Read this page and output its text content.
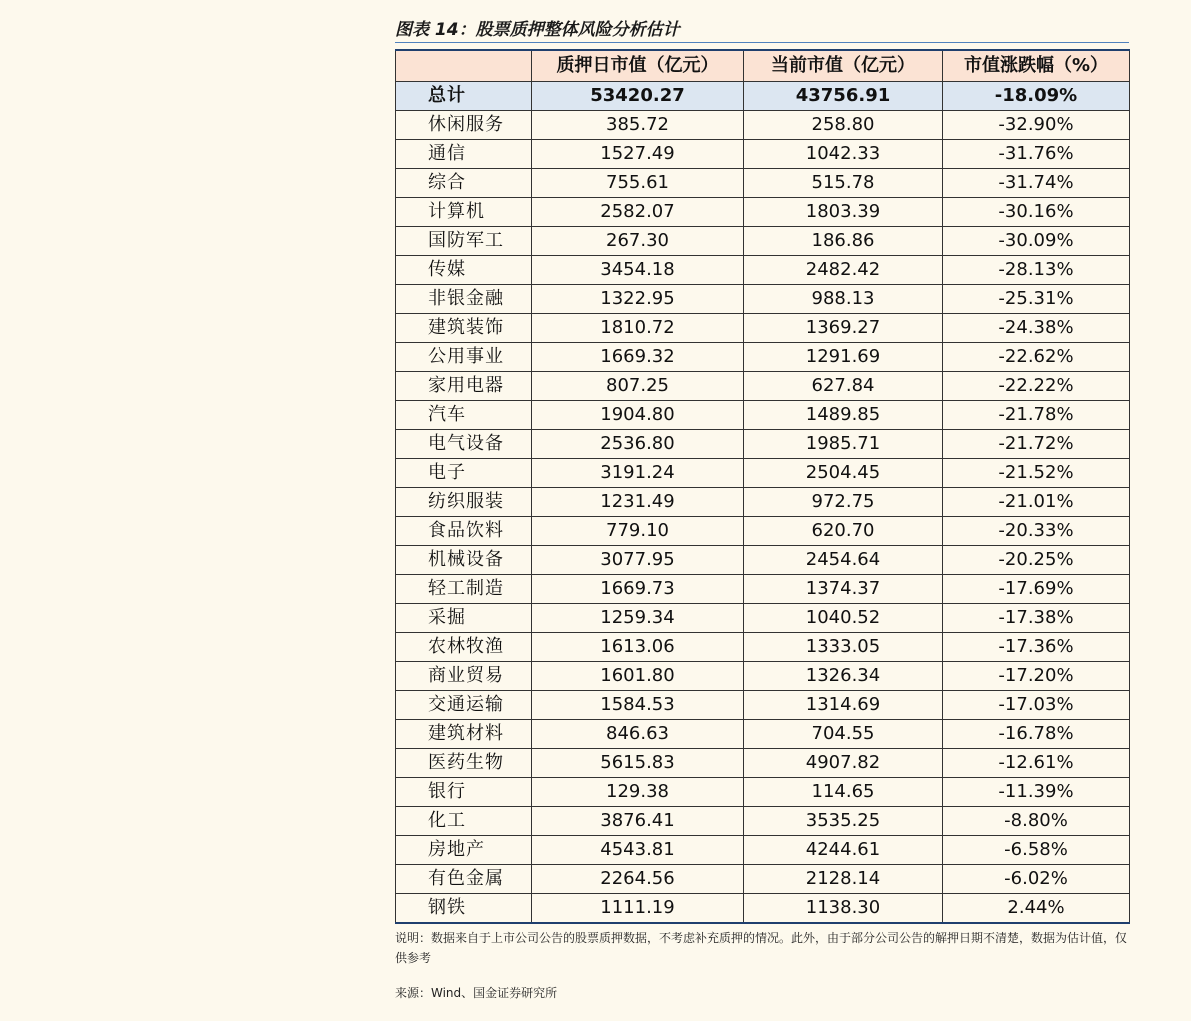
图表 14：股票质押整体风险分析估计
	质押日市值（亿元）	当前市值（亿元）	市值涨跌幅（%）
总计	53420.27	43756.91	-18.09%
休闲服务	385.72	258.80	-32.90%
通信	1527.49	1042.33	-31.76%
综合	755.61	515.78	-31.74%
计算机	2582.07	1803.39	-30.16%
国防军工	267.30	186.86	-30.09%
传媒	3454.18	2482.42	-28.13%
非银金融	1322.95	988.13	-25.31%
建筑装饰	1810.72	1369.27	-24.38%
公用事业	1669.32	1291.69	-22.62%
家用电器	807.25	627.84	-22.22%
汽车	1904.80	1489.85	-21.78%
电气设备	2536.80	1985.71	-21.72%
电子	3191.24	2504.45	-21.52%
纺织服装	1231.49	972.75	-21.01%
食品饮料	779.10	620.70	-20.33%
机械设备	3077.95	2454.64	-20.25%
轻工制造	1669.73	1374.37	-17.69%
采掘	1259.34	1040.52	-17.38%
农林牧渔	1613.06	1333.05	-17.36%
商业贸易	1601.80	1326.34	-17.20%
交通运输	1584.53	1314.69	-17.03%
建筑材料	846.63	704.55	-16.78%
医药生物	5615.83	4907.82	-12.61%
银行	129.38	114.65	-11.39%
化工	3876.41	3535.25	-8.80%
房地产	4543.81	4244.61	-6.58%
有色金属	2264.56	2128.14	-6.02%
钢铁	1111.19	1138.30	2.44%
说明：数据来自于上市公司公告的股票质押数据，不考虑补充质押的情况。此外，由于部分公司公告的解押日期不清楚，数据为估计值，仅供参考
来源：Wind、国金证券研究所
